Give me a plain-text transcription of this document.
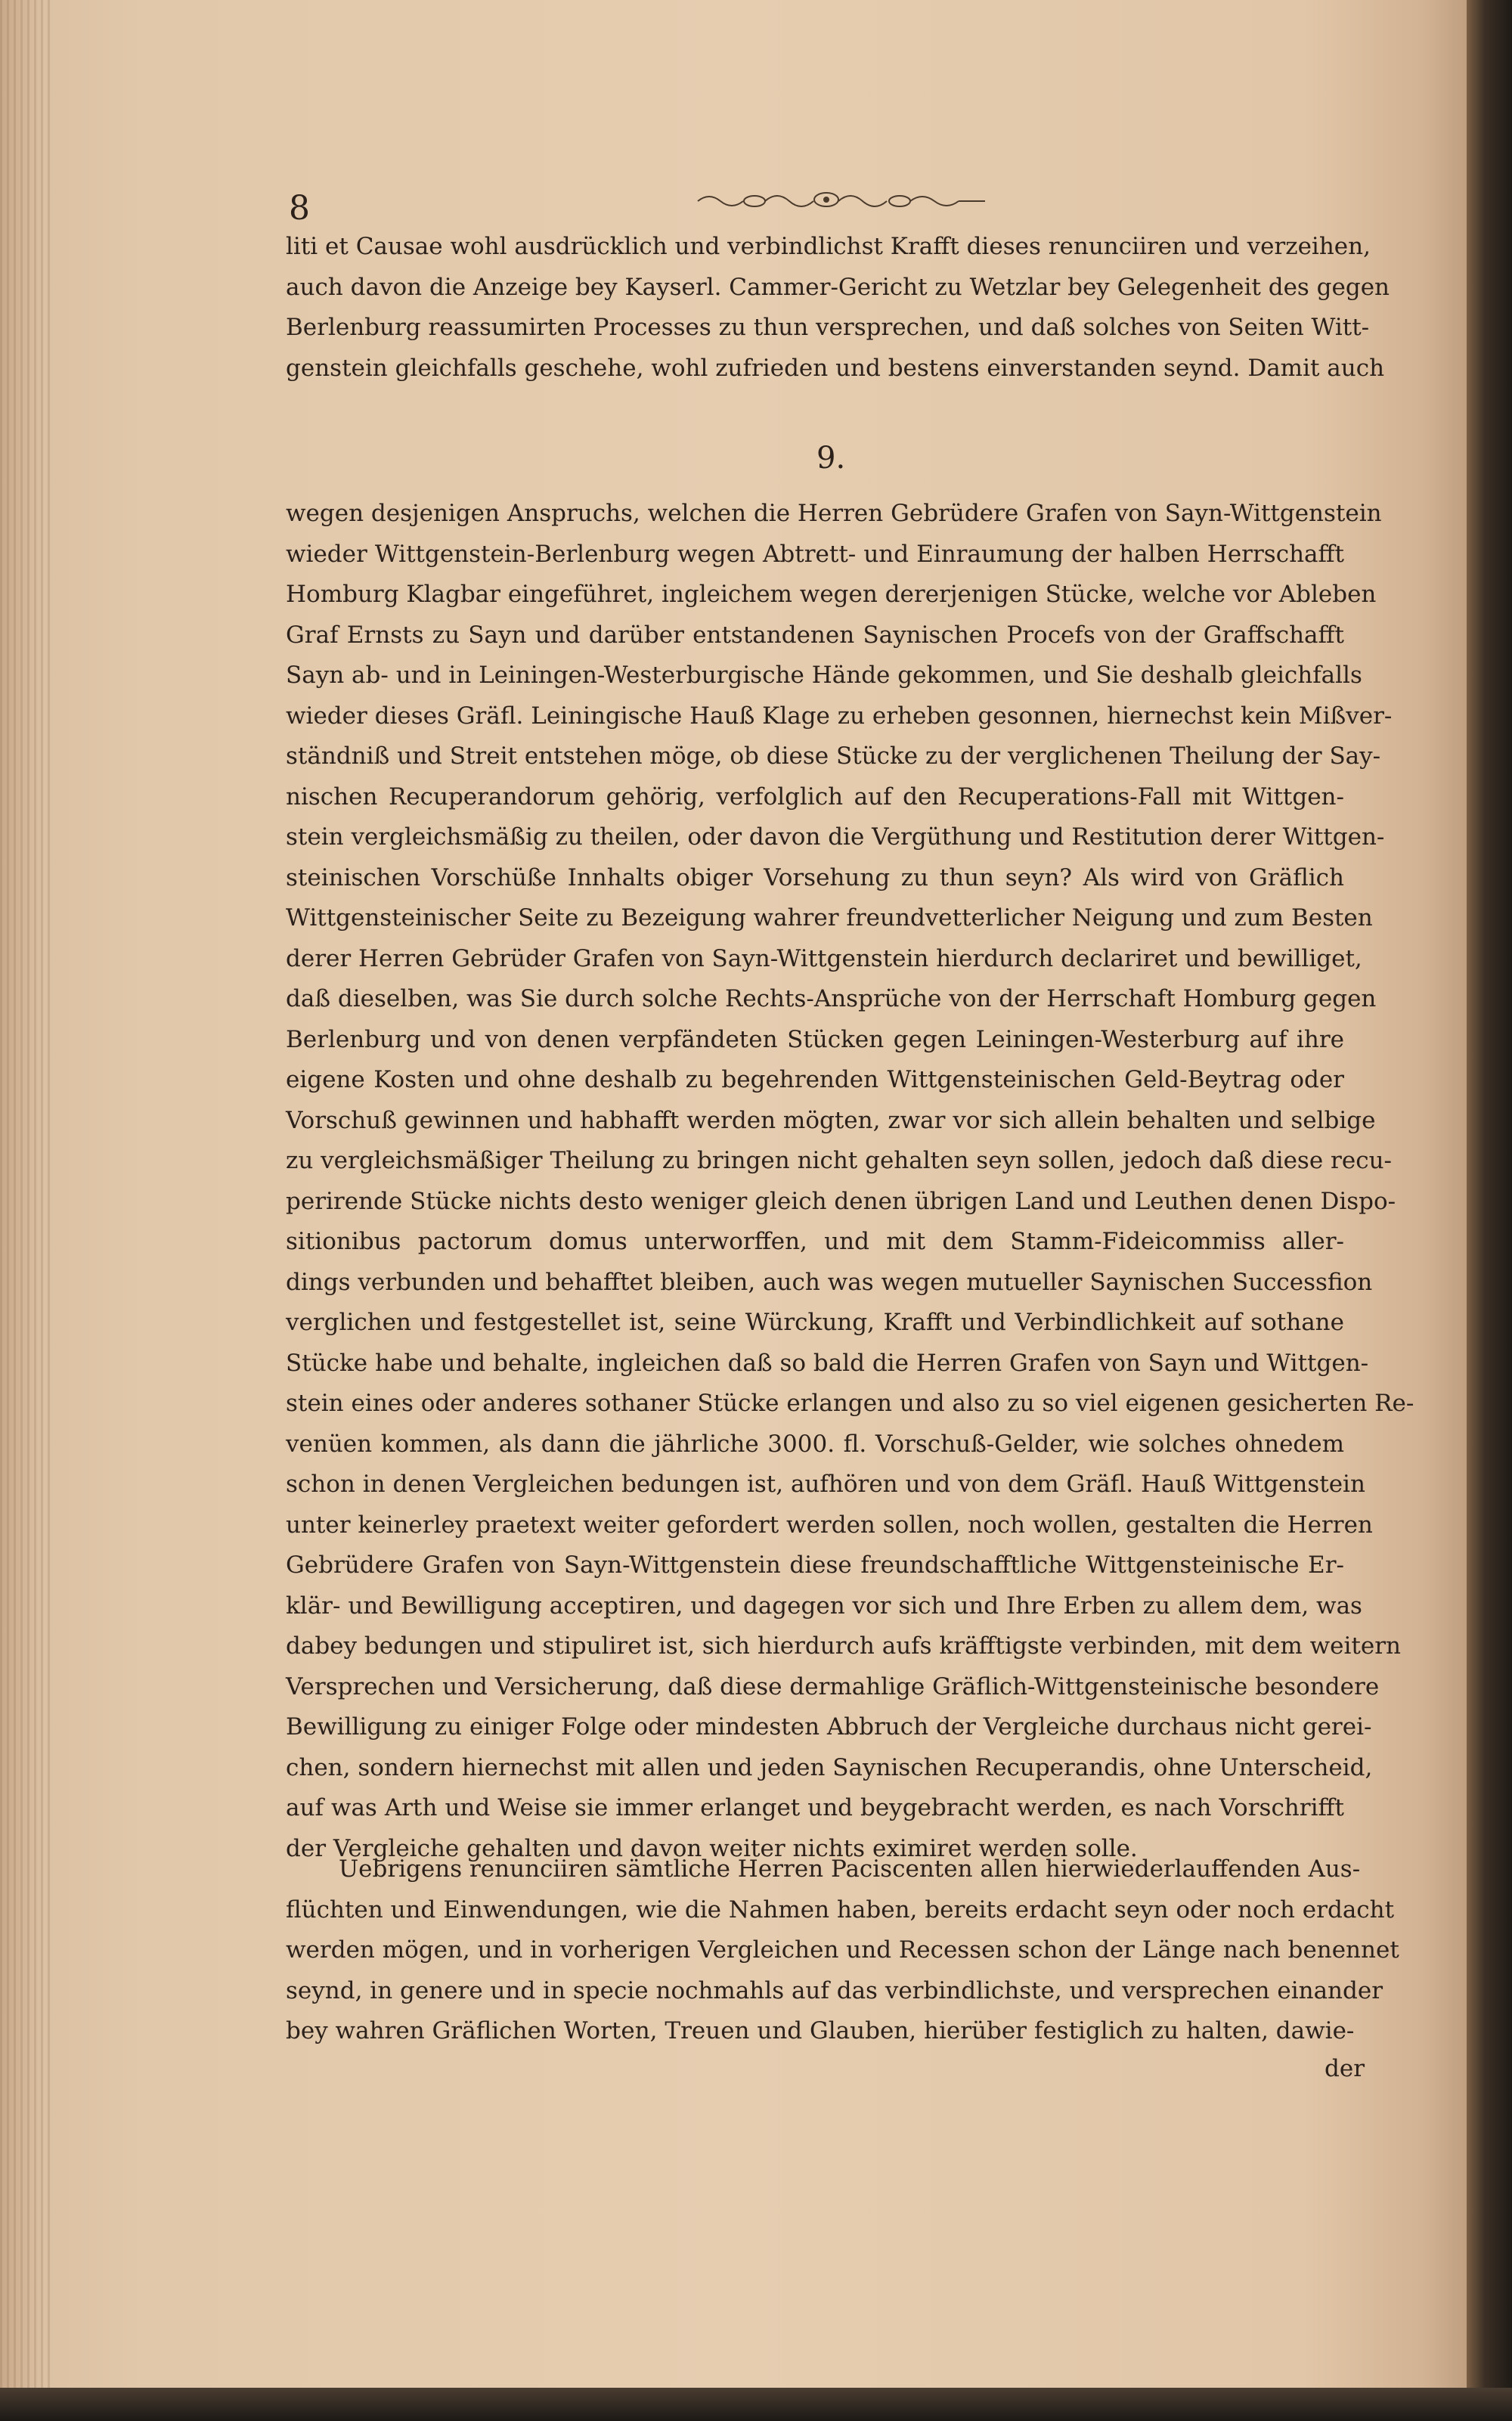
8
liti et Causae wohl ausdrücklich und verbindlichst Krafft dieses renunciiren und verzeihen,
auch davon die Anzeige bey Kayserl. Cammer-Gericht zu Wetzlar bey Gelegenheit des gegen
Berlenburg reassumirten Processes zu thun versprechen, und daß solches von Seiten Witt-
genstein gleichfalls geschehe, wohl zufrieden und bestens einverstanden seynd. Damit auch
9.
wegen desjenigen Anspruchs, welchen die Herren Gebrüdere Grafen von Sayn-Wittgenstein
wieder Wittgenstein-Berlenburg wegen Abtrett- und Einraumung der halben Herrschafft
Homburg Klagbar eingeführet, ingleichem wegen dererjenigen Stücke, welche vor Ableben
Graf Ernsts zu Sayn und darüber entstandenen Saynischen Procefs von der Graffschafft
Sayn ab- und in Leiningen-Westerburgische Hände gekommen, und Sie deshalb gleichfalls
wieder dieses Gräfl. Leiningische Hauß Klage zu erheben gesonnen, hiernechst kein Mißver-
ständniß und Streit entstehen möge, ob diese Stücke zu der verglichenen Theilung der Say-
nischen Recuperandorum gehörig, verfolglich auf den Recuperations-Fall mit Wittgen-
stein vergleichsmäßig zu theilen, oder davon die Vergüthung und Restitution derer Wittgen-
steinischen Vorschüße Innhalts obiger Vorsehung zu thun seyn? Als wird von Gräflich
Wittgensteinischer Seite zu Bezeigung wahrer freundvetterlicher Neigung und zum Besten
derer Herren Gebrüder Grafen von Sayn-Wittgenstein hierdurch declariret und bewilliget,
daß dieselben, was Sie durch solche Rechts-Ansprüche von der Herrschaft Homburg gegen
Berlenburg und von denen verpfändeten Stücken gegen Leiningen-Westerburg auf ihre
eigene Kosten und ohne deshalb zu begehrenden Wittgensteinischen Geld-Beytrag oder
Vorschuß gewinnen und habhafft werden mögten, zwar vor sich allein behalten und selbige
zu vergleichsmäßiger Theilung zu bringen nicht gehalten seyn sollen, jedoch daß diese recu-
perirende Stücke nichts desto weniger gleich denen übrigen Land und Leuthen denen Dispo-
sitionibus pactorum domus unterworffen, und mit dem Stamm-Fideicommiss aller-
dings verbunden und behafftet bleiben, auch was wegen mutueller Saynischen Successfion
verglichen und festgestellet ist, seine Würckung, Krafft und Verbindlichkeit auf sothane
Stücke habe und behalte, ingleichen daß so bald die Herren Grafen von Sayn und Wittgen-
stein eines oder anderes sothaner Stücke erlangen und also zu so viel eigenen gesicherten Re-
venüen kommen, als dann die jährliche 3000. fl. Vorschuß-Gelder, wie solches ohnedem
schon in denen Vergleichen bedungen ist, aufhören und von dem Gräfl. Hauß Wittgenstein
unter keinerley praetext weiter gefordert werden sollen, noch wollen, gestalten die Herren
Gebrüdere Grafen von Sayn-Wittgenstein diese freundschafftliche Wittgensteinische Er-
klär- und Bewilligung acceptiren, und dagegen vor sich und Ihre Erben zu allem dem, was
dabey bedungen und stipuliret ist, sich hierdurch aufs kräfftigste verbinden, mit dem weitern
Versprechen und Versicherung, daß diese dermahlige Gräflich-Wittgensteinische besondere
Bewilligung zu einiger Folge oder mindesten Abbruch der Vergleiche durchaus nicht gerei-
chen, sondern hiernechst mit allen und jeden Saynischen Recuperandis, ohne Unterscheid,
auf was Arth und Weise sie immer erlanget und beygebracht werden, es nach Vorschrifft
der Vergleiche gehalten und davon weiter nichts eximiret werden solle.
Uebrigens renunciiren sämtliche Herren Paciscenten allen hierwiederlauffenden Aus-
flüchten und Einwendungen, wie die Nahmen haben, bereits erdacht seyn oder noch erdacht
werden mögen, und in vorherigen Vergleichen und Recessen schon der Länge nach benennet
seynd, in genere und in specie nochmahls auf das verbindlichste, und versprechen einander
bey wahren Gräflichen Worten, Treuen und Glauben, hierüber festiglich zu halten, dawie-
der
